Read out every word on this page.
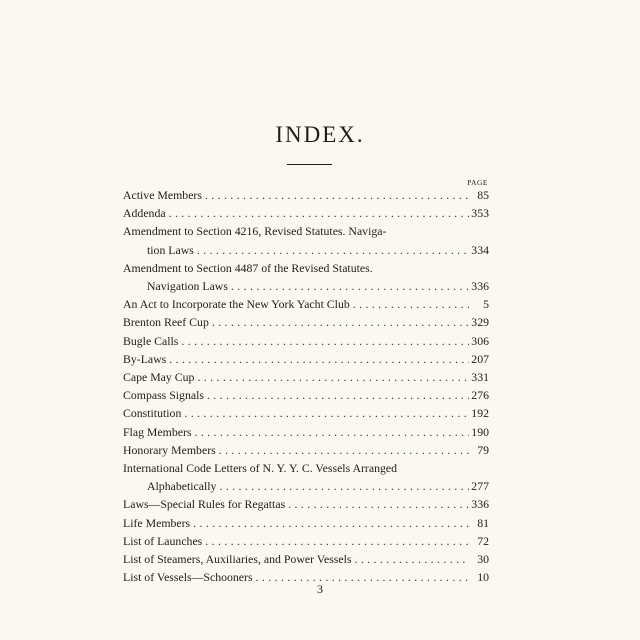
INDEX.
PAGE
Active Members .....	85
Addenda .....	353
Amendment to Section 4216, Revised Statutes. Naviga-
tion Laws .....	334
Amendment to Section 4487 of the Revised Statutes.
Navigation Laws .....	336
An Act to Incorporate the New York Yacht Club .....	5
Brenton Reef Cup .....	329
Bugle Calls .....	306
By-Laws .....	207
Cape May Cup .....	331
Compass Signals .....	276
Constitution .....	192
Flag Members .....	190
Honorary Members .....	79
International Code Letters of N. Y. Y. C. Vessels Arranged
Alphabetically .....	277
Laws—Special Rules for Regattas .....	336
Life Members .....	81
List of Launches .....	72
List of Steamers, Auxiliaries, and Power Vessels .....	30
List of Vessels—Schooners .....	10
3
